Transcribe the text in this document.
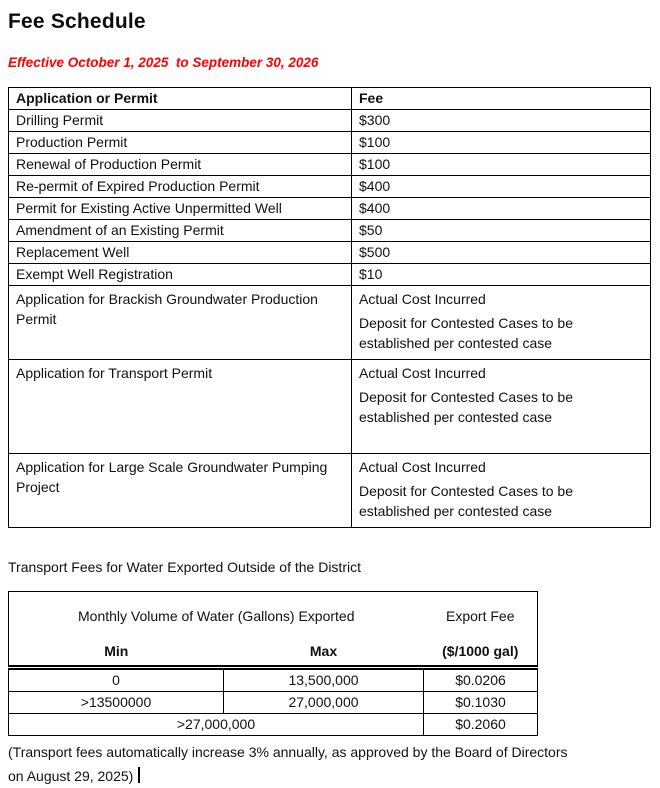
Fee Schedule
Effective October 1, 2025  to September 30, 2026
Application or Permit	Fee
Drilling Permit	$300
Production Permit	$100
Renewal of Production Permit	$100
Re-permit of Expired Production Permit	$400
Permit for Existing Active Unpermitted Well	$400
Amendment of an Existing Permit	$50
Replacement Well	$500
Exempt Well Registration	$10

Application for Brackish Groundwater Production Permit	Actual Cost Incurred
Deposit for Contested Cases to be established per contested case

Application for Transport Permit	Actual Cost Incurred
Deposit for Contested Cases to be established per contested case

Application for Large Scale Groundwater Pumping Project	Actual Cost Incurred
Deposit for Contested Cases to be established per contested case
Transport Fees for Water Exported Outside of the District
Monthly Volume of Water (Gallons) Exported		Export Fee
Min	Max	($/1000 gal)
0	13,500,000	$0.0206
>13500000	27,000,000	$0.1030
>27,000,000		$0.2060
(Transport fees automatically increase 3% annually, as approved by the Board of Directors
on August 29, 2025)
